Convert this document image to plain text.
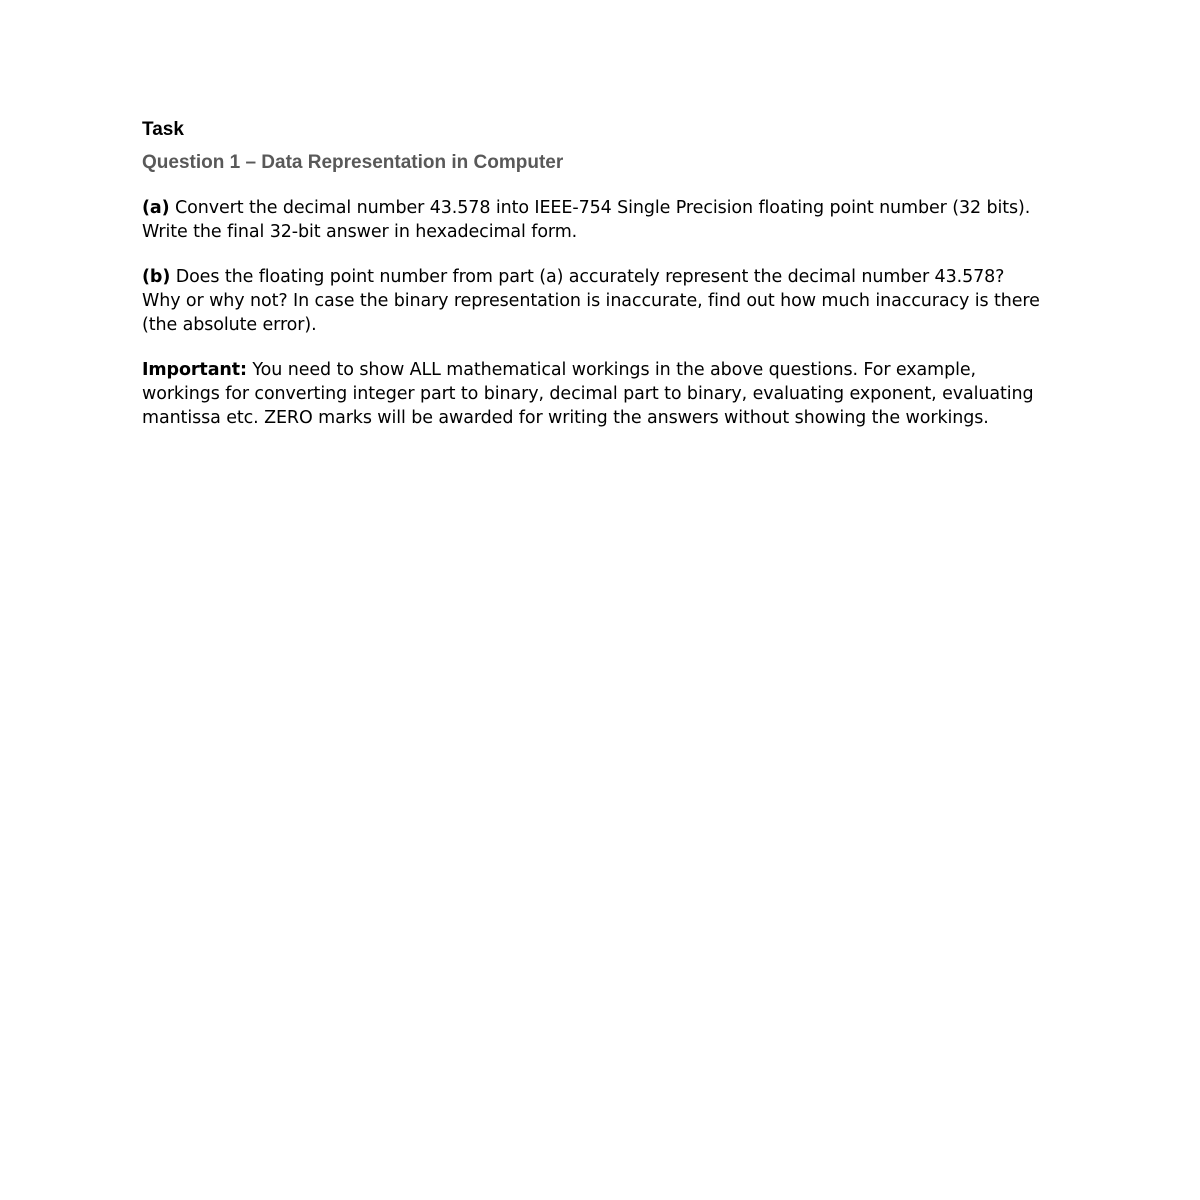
Task
Question 1 – Data Representation in Computer

(a) Convert the decimal number 43.578 into IEEE-754 Single Precision floating point number (32 bits). Write the final 32-bit answer in hexadecimal form.

(b) Does the floating point number from part (a) accurately represent the decimal number 43.578? Why or why not? In case the binary representation is inaccurate, find out how much inaccuracy is there (the absolute error).

Important: You need to show ALL mathematical workings in the above questions. For example, workings for converting integer part to binary, decimal part to binary, evaluating exponent, evaluating mantissa etc. ZERO marks will be awarded for writing the answers without showing the workings.
